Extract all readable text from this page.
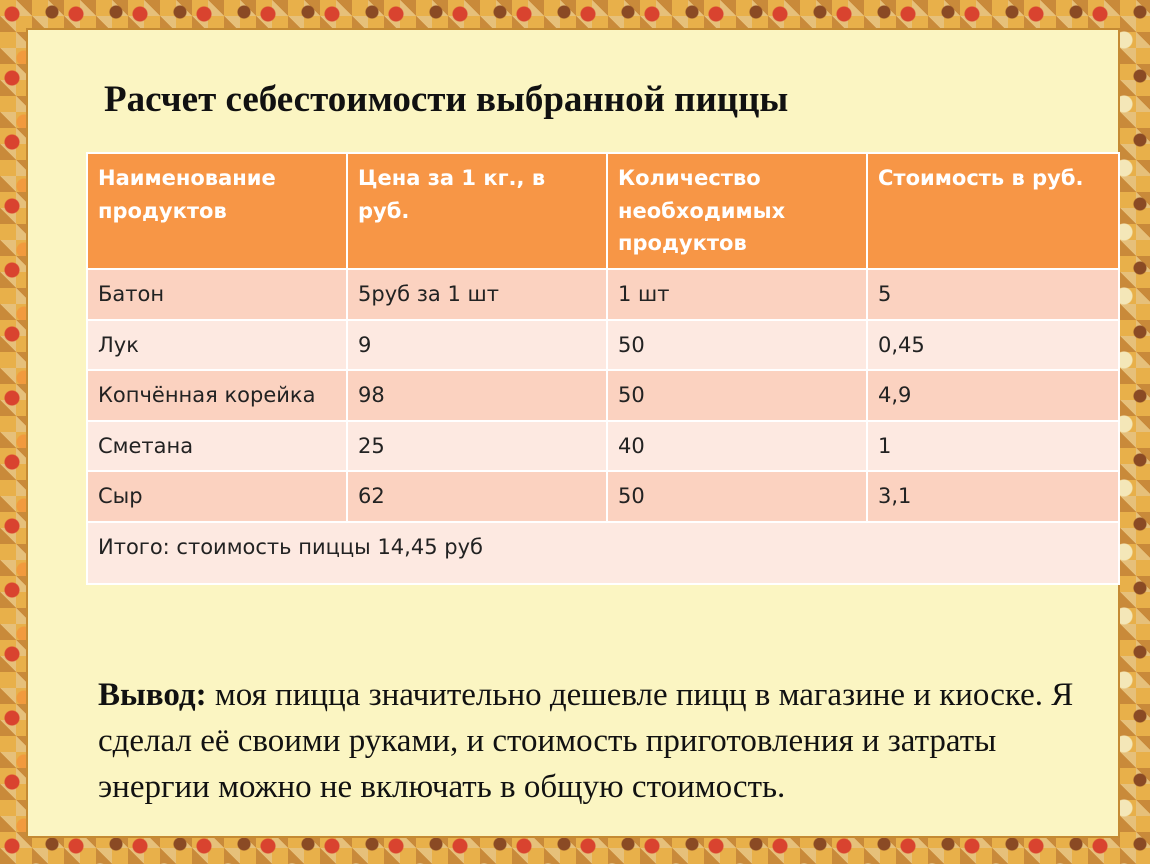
Расчет себестоимости выбранной пиццы
Наименование продуктов	Цена за 1 кг., в руб.	Количество необходимых продуктов	Стоимость в руб.
Батон	5руб за 1 шт	1 шт	5
Лук	9	50	0,45
Копчённая корейка	98	50	4,9
Сметана	25	40	1
Сыр	62	50	3,1
Итого: стоимость пиццы 14,45 руб			

Вывод: моя пицца значительно дешевле пицц в магазине и киоске. Я сделал её своими руками, и стоимость приготовления и затраты энергии можно не включать в общую стоимость.
